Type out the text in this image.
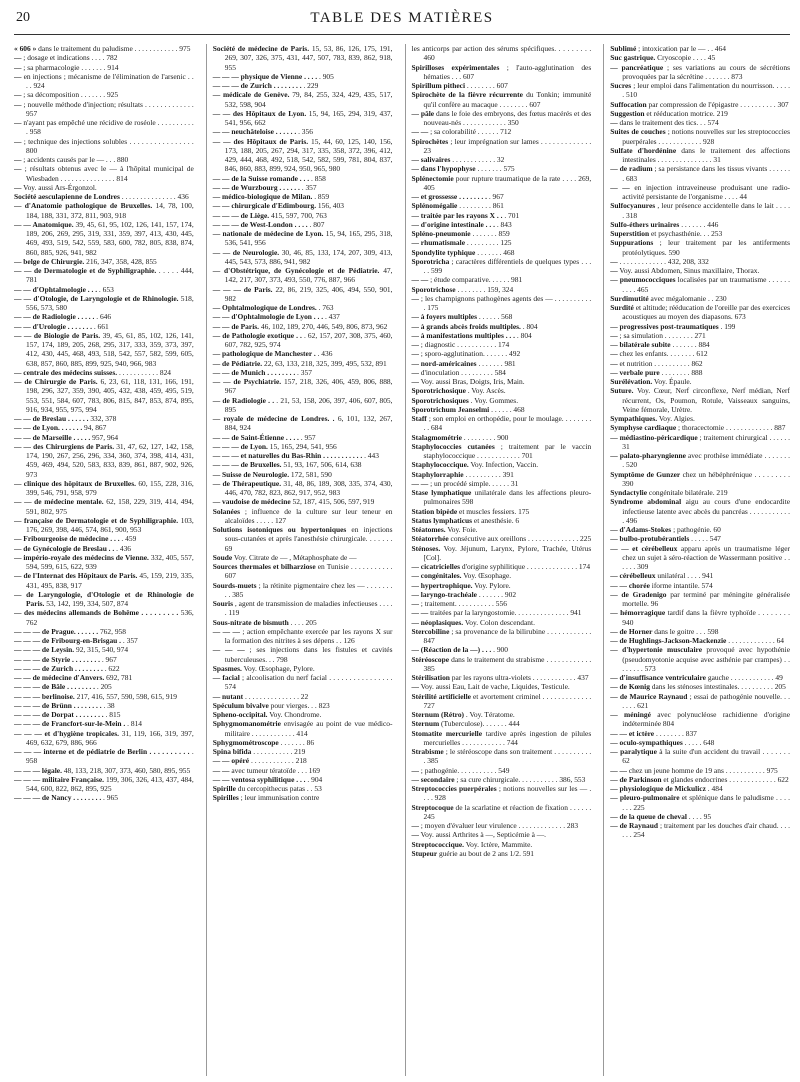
20	TABLE DES MATIÈRES

« 606 » dans le traitement du paludisme . . . . . . . . . . . . 975

— ; dosage et indications . . . . 782

— ; sa pharmacologie . . . . . . . 914

— en injections ; mécanisme de l'élimination de l'arsenic . . . . 924

— ; sa décomposition . . . . . . . 925

— ; nouvelle méthode d'injection; résultats . . . . . . . . . . . . . 957

— n'ayant pas empêché une récidive de roséole . . . . . . . . . . . 958

— ; technique des injections solubles . . . . . . . . . . . . . . . . 800

— ; accidents causés par le — . . . 880

— ; résultats obtenus avec le — à l'hôpital municipal de Wiesbaden . . . . . . . . . . . . . . . 814

— Voy. aussi Ars-Érgonzol.

Société aesculapienne de Londres . . . . . . . . . . . . . . . 436

— d'Anatomie pathologique de Bruxelles. 14, 78, 100, 184, 188, 331, 372, 811, 903, 918

— — Anatomique. 39, 45, 61, 95, 102, 126, 141, 157, 174, 189, 206, 269, 295, 319, 331, 359, 397, 413, 430, 445, 469, 493, 519, 542, 559, 583, 600, 782, 805, 838, 874, 860, 885, 926, 941, 982

— belge de Chirurgie. 216, 347, 358, 428, 855

— — de Dermatologie et de Syphiligraphie. . . . . . 444, 781

— — d'Ophtalmologie . . . . 653

— — d'Otologie, de Laryngologie et de Rhinologie. 518, 556, 573, 580

— — de Radiologie . . . . . . 646

— — d'Urologie . . . . . . . . 661

— — de Biologie de Paris. 39, 45, 61, 85, 102, 126, 141, 157, 174, 189, 205, 268, 295, 317, 333, 359, 373, 397, 412, 430, 445, 468, 493, 518, 542, 557, 582, 599, 605, 638, 857, 860, 885, 899, 925, 940, 966, 983

— centrale des médecins suisses. . . . . . . . . . . . 824

— de Chirurgie de Paris. 6, 23, 61, 118, 131, 166, 191, 198, 296, 327, 359, 390, 405, 432, 438, 459, 495, 519, 553, 551, 584, 607, 783, 806, 815, 847, 853, 874, 895, 916, 934, 955, 975, 994

— — de Breslau . . . . . . 332, 378

— — de Lyon. . . . . . . 94, 867

— — de Marseille . . . . . 957, 964

— — des Chirurgiens de Paris. 31, 47, 62, 127, 142, 158, 174, 190, 267, 256, 296, 334, 360, 374, 398, 414, 431, 459, 469, 494, 520, 583, 833, 839, 861, 887, 902, 926, 973

— clinique des hôpitaux de Bruxelles. 60, 155, 228, 316, 399, 546, 791, 958, 979

— — de médecine mentale. 62, 158, 229, 319, 414, 494, 591, 802, 975

— française de Dermatologie et de Syphiligraphie. 103, 176, 269, 398, 446, 574, 861, 900, 953

— Fribourgeoise de médecine . . . . 459

— de Gynécologie de Breslau . . . 436

— império-royale des médecins de Vienne. 332, 405, 557, 594, 599, 615, 622, 939

— de l'Internat des Hôpitaux de Paris. 45, 159, 219, 335, 431, 495, 838, 917

— de Laryngologie, d'Otologie et de Rhinologie de Paris. 53, 142, 199, 334, 507, 874

— des médecins allemands de Bohême . . . . . . . . . 536, 762

— — — de Prague. . . . . . . 762, 958

— — — de Fribourg-en-Brisgau . . 357

— — — de Leysin. 92, 315, 540, 974

— — — de Styrie . . . . . . . . . 967

— — — de Zurich . . . . . . . . . 622

— — de médecine d'Anvers. 692, 781

— — — de Bâle . . . . . . . . . 205

— — — berlinoise. 217, 416, 557, 590, 598, 615, 919

— — — de Brünn . . . . . . . . . 38

— — — de Dorpat . . . . . . . . . 815

— — — de Francfort-sur-le-Mein . . 814

— — — et d'hygiène tropicales. 31, 119, 166, 319, 397, 469, 632, 679, 886, 966

— — — interne et de pédiatrie de Berlin . . . . . . . . . . . 958

— — — légale. 48, 133, 218, 307, 373, 460, 580, 895, 955

— — — militaire Française. 199, 306, 326, 413, 437, 484, 544, 600, 822, 862, 895, 925

— — — de Nancy . . . . . . . . . 965

Société de médecine de Paris. 15, 53, 86, 126, 175, 191, 269, 307, 326, 375, 431, 447, 507, 783, 839, 862, 918, 955

— — — physique de Vienne . . . . . 905

— — — de Zurich . . . . . . . . . 229

— médicale de Genève. 79, 84, 255, 324, 429, 435, 517, 532, 598, 904

— — des Hôpitaux de Lyon. 15, 94, 165, 294, 319, 437, 541, 956, 662

— — neuchâteloise . . . . . . . 356

— — des Hôpitaux de Paris. 15, 44, 60, 125, 140, 156, 173, 188, 205, 267, 294, 317, 335, 358, 372, 396, 412, 429, 444, 468, 492, 518, 542, 582, 599, 781, 804, 837, 846, 860, 883, 899, 924, 950, 965, 980

— — de la Suisse romande . . . . 858

— — de Wurzbourg . . . . . . . 357

— médico-biologique de Milan. . 859

— — chirurgicale d'Edimbourg. 156, 403

— — — de Liège. 415, 597, 700, 763

— — — de West-London . . . . . 807

— nationale de médecine de Lyon. 15, 94, 165, 295, 318, 536, 541, 956

— — de Neurologie. 30, 46, 85, 133, 174, 207, 309, 413, 445, 543, 573, 886, 941, 982

— d'Obstétrique, de Gynécologie et de Pédiatrie. 47, 142, 217, 307, 373, 493, 550, 776, 887, 966

— — — de Paris. 22, 86, 219, 325, 406, 494, 550, 901, 982

— Ophtalmologique de Londres. . 763

— — d'Ophtalmologie de Lyon . . . . 437

— — de Paris. 46, 102, 189, 270, 446, 549, 806, 873, 962

— de Pathologie exotique . . . 62, 157, 207, 308, 375, 460, 607, 782, 925, 974

— pathologique de Manchester . . 436

— de Pédiatrie. 22, 63, 133, 218, 325, 399, 495, 532, 891

— — de Munich . . . . . . . . . 357

— — de Psychiatrie. 157, 218, 326, 406, 459, 806, 888, 967

— de Radiologie . . . 21, 53, 158, 206, 397, 406, 607, 805, 895

— royale de médecine de Londres. . 6, 101, 132, 267, 884, 924

— — de Saint-Étienne . . . . . 957

— — — de Lyon. 15, 165, 294, 541, 956

— — — et naturelles du Bas-Rhin . . . . . . . . . . . . 443

— — — de Bruxelles. 51, 93, 167, 506, 614, 638

— Suisse de Neurologie. 172, 581, 590

— de Thérapeutique. 31, 48, 86, 189, 308, 335, 374, 430, 446, 470, 782, 823, 862, 917, 952, 983

— vaudoise de médecine 52, 187, 415, 506, 597, 919

Solanées ; influence de la culture sur leur teneur en alcaloïdes . . . . . 127

Solutions isotoniques ou hypertoniques en injections sous-cutanées et après l'anesthésie chirurgicale. . . . . . . 69

Soude Voy. Citrate de — , Métaphosphate de —

Sources thermales et bilharziose en Tunisie . . . . . . . . . . . 607

Sourds-muets ; la rétinite pigmentaire chez les — . . . . . . . . . 385

Souris , agent de transmission de maladies infectieuses . . . . . 119

Sous-nitrate de bismuth . . . . 205

— — — ; action empêchante exercée par les rayons X sur la formation des nitrites à ses dépens . . 126

— — — ; ses injections dans les fistules et cavités tuberculeuses. . . 798

Spasmes. Voy. Œsophage, Pylore.

— facial ; alcoolisation du nerf facial . . . . . . . . . . . . . . . . 574

— nutant . . . . . . . . . . . . . . . 22

Spéculum bivalve pour vierges. . . 823

Spheno-occipital. Voy. Chondrome.

Sphygmomanométrie envisagée au point de vue médico-militaire . . . . . . . . . . . . 414

Sphygmométroscope . . . . . . . 86

Spina bifida . . . . . . . . . . . 219

— — opéré . . . . . . . . . . . . 218

— — avec tumeur tératoïde . . . 169

— — ventosa syphilitique . . . . 904

Spirille du cercopithecus patas . . 53

Spirilles ; leur immunisation contre

les anticorps par action des sérums spécifiques. . . . . . . . . 460

Spirilloses expérimentales ; l'auto-agglutination des hématies . . . 607

Spirillum pitheci . . . . . . . . 607

Spirochète de la fièvre récurrente du Tonkin; immunité qu'il confère au macaque . . . . . . . . 607

— pâle dans le foie des embryons, des fœtus macérés et des nouveau-nés . . . . . . . . . . . . 350

— — ; sa colorabilité . . . . . . 712

Spirochètes ; leur imprégnation sur lames . . . . . . . . . . . . . 23

— salivaires . . . . . . . . . . . . 32

— dans l'hypophyse . . . . . . . 575

Splénectomie pour rupture traumatique de la rate . . . . 269, 405

— et grossesse . . . . . . . . . 967

Splénomégalie . . . . . . . . . 861

— traitée par les rayons X . . . 701

— d'origine intestinale . . . . 843

Spléno-pneumonie . . . . . . . 859

— rhumatismale . . . . . . . . . 125

Spondylite typhique . . . . . . . 468

Sporotricha ; caractères différentiels de quelques types . . . . . 599

— — ; étude comparative. . . . . . 981

Sporotrichose . . . . . . . . 159, 324

— ; les champignons pathogènes agents des — . . . . . . . . . . . 175

— à foyers multiples . . . . . . 568

— à grands abcès froids multiples. . 804

— à manifestations multiples . . . . 804

— ; diagnostic . . . . . . . . . . . 174

— ; sporo-agglutination. . . . . . . 492

— nord-américaines . . . . . . . 981

— d'inoculation . . . . . . . . . 584

— Voy. aussi Bras, Doigts, Iris, Main.

Sporotrichosique . Voy. Ascès.

Sporotrichosiques . Voy. Gommes.

Sporotrichum Jeanselmi . . . . . . 468

Staff ; son emploi en orthopédie, pour le moulage. . . . . . . . . . 684

Stalagmométrie . . . . . . . . . 900

Staphylococcies cutanées ; traitement par le vaccin staphylococcique . . . . . . . . . . . . 701

Staphylococcique. Voy. Infection, Vaccin.

Staphylorraphie . . . . . . . . . . 391

— — ; un procédé simple. . . . . . 31

Stase lymphatique unilatérale dans les affections pleuro-pulmonaires 598

Station bipède et muscles fessiers. 175

Status lymphaticus et anesthésie. 6

Stéatomes. Voy. Foie.

Stéatorrhée consécutive aux oreillons . . . . . . . . . . . . . . 225

Sténoses. Voy. Jéjunum, Larynx, Pylore, Trachée, Utérus [Col].

— cicatricielles d'origine syphilitique . . . . . . . . . . . . . . 174

— congénitales. Voy. Œsophage.

— hypertrophique. Voy. Pylore.

— laryngo-trachéale . . . . . . . 902

— ; traitement. . . . . . . . . . . 556

— — traitées par la laryngostomie. . . . . . . . . . . . . . . 941

— néoplasiques. Voy. Colon descendant.

Stercobiline ; sa provenance de la bilirubine . . . . . . . . . . . . 847

— (Réaction de la —) . . . . 900

Stéréoscope dans le traitement du strabisme . . . . . . . . . . . . 385

Stérilisation par les rayons ultra-violets . . . . . . . . . . . . 437

— Voy. aussi Eau, Lait de vache, Liquides, Testicule.

Stérilité artificielle et avortement criminel . . . . . . . . . . . . . 727

Sternum (Rétro) . Voy. Tératome.

Sternum (Tuberculose). . . . . . . 444

Stomatite mercurielle tardive après ingestion de pilules mercurielles . . . . . . . . . . . . 744

Strabisme ; le stéréoscope dans son traitement . . . . . . . . . . . 385

— ; pathogénie. . . . . . . . . . . 549

— secondaire ; sa cure chirurgicale. . . . . . . . . . . 386, 553

Streptococcies puerpérales ; notions nouvelles sur les — . . . . 928

Streptocoque de la scarlatine et réaction de fixation . . . . . . 245

— ; moyen d'évaluer leur virulence . . . . . . . . . . . . . 283

— Voy. aussi Arthrites à —, Septicémie à —.

Streptococcique. Voy. Ictère, Mammite.

Stupeur guérie au bout de 2 ans 1/2. 591

Sublimé ; intoxication par le — . . 464

Suc gastrique. Cryoscopie . . . . 45

— pancréatique ; ses variations au cours de sécrétions provoquées par la sécrétine . . . . . . . 873

Sucres ; leur emploi dans l'alimentation du nourrisson. . . . . . 510

Suffocation par compression de l'épigastre . . . . . . . . . . 307

Suggestion et rééducation motrice. 219

— dans le traitement des tics. . . 574

Suites de couches ; notions nouvelles sur les streptococcies puerpérales . . . . . . . . . . . . 928

Sulfate d'hordénine dans le traitement des affections intestinales . . . . . . . . . . . . . . . 31

— de radium ; sa persistance dans les tissus vivants . . . . . . . 683

— — en injection intraveineuse produisant une radio-activité persistante de l'organisme . . . . 44

Sulfocyanures , leur présence accidentelle dans le lait . . . . . 318

Sulfo-éthers urinaires . . . . . . . 446

Superstition et psychasthénie. . . 253

Suppurations ; leur traitement par les antiferments protéolytiques. 590

— . . . . . . . . . . . . . 432, 208, 332

— Voy. aussi Abdomen, Sinus maxillaire, Thorax.

— pneumococciques localisées par un traumatisme . . . . . . . . . . 465

Surdimutité avec mégalomanie . . 230

Surdité et altitude; rééducation de l'oreille par des exercices acoustiques au moyen des diapasons. 673

— progressives post-traumatiques . 199

— ; sa simulation . . . . . . . . 271

— bilatérale subite . . . . . . . 884

— chez les enfants. . . . . . . . 612

— et nutrition . . . . . . . . . . 862

— verbale pure . . . . . . . . 888

Surélévation. Voy. Épaule.

Suture. Voy. Cœur, Nerf circonflexe, Nerf médian, Nerf récurrent, Os, Poumon, Rotule, Vaisseaux sanguins, Veine fémorale, Urètre.

Sympathiques. Voy. Algies.

Symphyse cardiaque ; thoracectomie . . . . . . . . . . . . . 887

— médiastino-péricardique ; traitement chirurgical . . . . . . 31

— palato-pharyngienne avec prothèse immédiate . . . . . . . . 520

Symptôme de Gunzer chez un hébéphrénique . . . . . . . . . 390

Syndactylie congénitale bilatérale. 219

Syndrome abdominal aigu au cours d'une endocardite infectieuse latente avec abcès du pancréas . . . . . . . . . . . . 496

— d'Adams-Stokes ; pathogénie. 60

— bulbo-protubérantiels . . . . . 547

— — et cérébelleux apparu après un traumatisme léger chez un sujet à séro-réaction de Wassermann positive . . . . . . 309

— cérébelleux unilatéral . . . . 941

— — chorée iforme intantile. 574

— de Gradenigo par terminé par méningite généralisée mortelle. 96

— hémorragique tardif dans la fièvre typhoïde . . . . . . . . 940

— de Horner dans le goitre . . . 598

— de Hughlings-Jackson-Mackenzie . . . . . . . . . . . . . 64

— d'hypertonie musculaire provoqué avec hypothénie (pseudomyotonie acquise avec asthénie par crampes) . . . . . . . . 573

— d'insuffisance ventriculaire gauche . . . . . . . . . . . . 49

— de Kœnig dans les sténoses intestinales. . . . . . . . . . 205

— de Maurice Raynaud ; essai de pathogénie nouvelle. . . . . . . 621

— méningé avec polynucléose rachidienne d'origine indéterminée 804

— — et ictère . . . . . . . . 837

— oculo-sympathiques . . . . . 648

— paralytique à la suite d'un accident du travail . . . . . . . 62

— — chez un jeune homme de 19 ans . . . . . . . . . . . 975

— de Parkinson et glandes endocrines . . . . . . . . . . . . . 622

— physiologique de Mickulicz . 484

— pleuro-pulmonaire et splénique dans le paludisme . . . . . . . 225

— de la queue de cheval . . . . 95

— de Raynaud ; traitement par les douches d'air chaud. . . . . . . 254
